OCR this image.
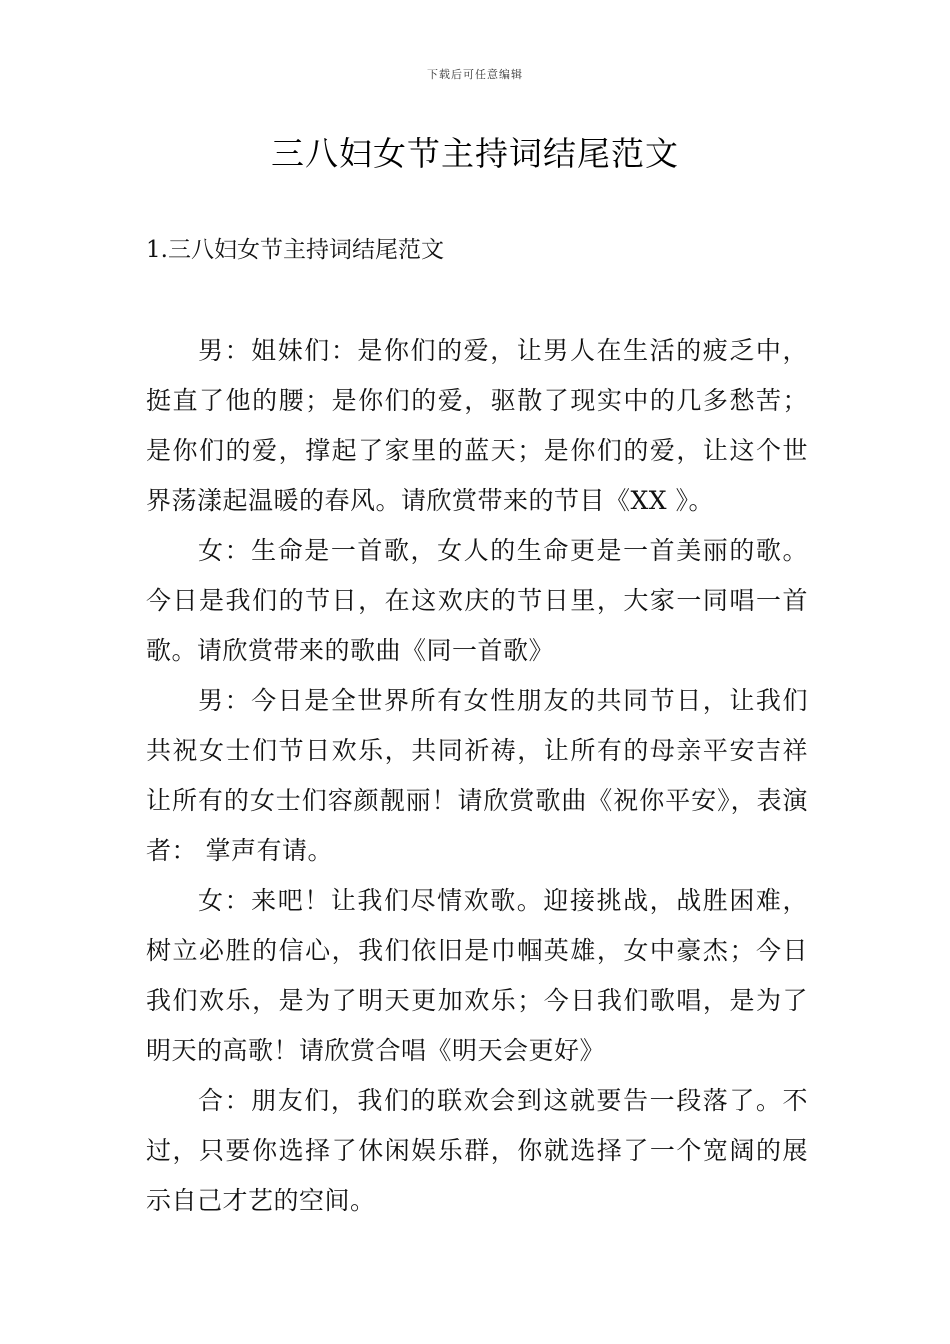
下载后可任意编辑
三八妇女节主持词结尾范文
1.三八妇女节主持词结尾范文

男：姐妹们：是你们的爱，让男人在生活的疲乏中，挺直了他的腰；是你们的爱，驱散了现实中的几多愁苦；是你们的爱，撑起了家里的蓝天；是你们的爱，让这个世界荡漾起温暖的春风。请欣赏带来的节目《XX 》。

女：生命是一首歌，女人的生命更是一首美丽的歌。今日是我们的节日，在这欢庆的节日里，大家一同唱一首歌。请欣赏带来的歌曲《同一首歌》

男：今日是全世界所有女性朋友的共同节日，让我们共祝女士们节日欢乐，共同祈祷，让所有的母亲平安吉祥让所有的女士们容颜靓丽！请欣赏歌曲《祝你平安》，表演者： 掌声有请。

女：来吧！让我们尽情欢歌。迎接挑战，战胜困难，树立必胜的信心，我们依旧是巾帼英雄，女中豪杰；今日我们欢乐，是为了明天更加欢乐；今日我们歌唱，是为了明天的高歌！请欣赏合唱《明天会更好》

合：朋友们，我们的联欢会到这就要告一段落了。不过，只要你选择了休闲娱乐群，你就选择了一个宽阔的展示自己才艺的空间。
